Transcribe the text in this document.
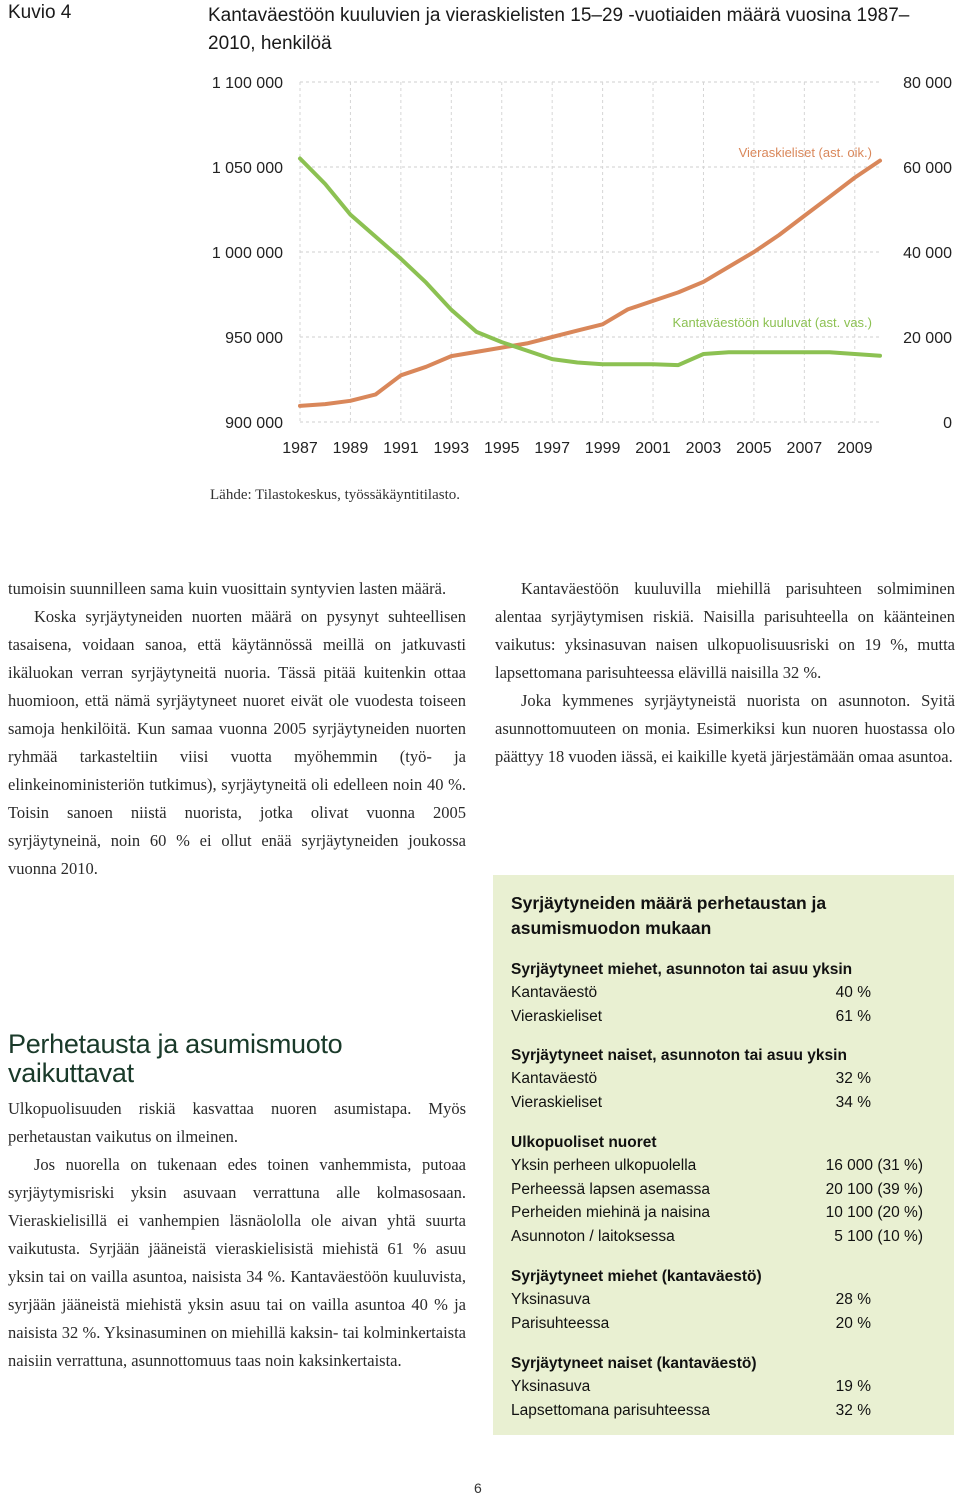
Kuvio 4	Kantaväestöön kuuluvien ja vieraskielisten 15–29 -vuotiaiden määrä vuosina 1987–2010, henkilöä
1 100 000
1 050 000
1 000 000
950 000
900 000
80 000
60 000
40 000
20 000
0
1987 1989 1991 1993 1995 1997 1999 2001 2003 2005 2007 2009
Vieraskieliset (ast. oik.)
Kantaväestöön kuuluvat (ast. vas.)
Lähde: Tilastokeskus, työssäkäyntitilasto.

tumoisin suunnilleen sama kuin vuosittain syntyvien lasten määrä.

Koska syrjäytyneiden nuorten määrä on pysynyt suhteellisen tasaisena, voidaan sanoa, että käytännössä meillä on jatkuvasti ikäluokan verran syrjäytyneitä nuoria. Tässä pitää kuitenkin ottaa huomioon, että nämä syrjäytyneet nuoret eivät ole vuodesta toiseen samoja henkilöitä. Kun samaa vuonna 2005 syrjäytyneiden nuorten ryhmää tarkasteltiin viisi vuotta myöhemmin (työ- ja elinkeinoministeriön tutkimus), syrjäytyneitä oli edelleen noin 40 %. Toisin sanoen niistä nuorista, jotka olivat vuonna 2005 syrjäytyneinä, noin 60 % ei ollut enää syrjäytyneiden joukossa vuonna 2010.

Perhetausta ja asumismuoto vaikuttavat

Ulkopuolisuuden riskiä kasvattaa nuoren asumistapa. Myös perhetaustan vaikutus on ilmeinen.

Jos nuorella on tukenaan edes toinen vanhemmista, putoaa syrjäytymisriski yksin asuvaan verrattuna alle kolmasosaan. Vieraskielisillä ei vanhempien läsnäololla ole aivan yhtä suurta vaikutusta. Syrjään jääneistä vieraskielisistä miehistä 61 % asuu yksin tai on vailla asuntoa, naisista 34 %. Kantaväestöön kuuluvista, syrjään jääneistä miehistä yksin asuu tai on vailla asuntoa 40 % ja naisista 32 %. Yksinasuminen on miehillä kaksin- tai kolminkertaista naisiin verrattuna, asunnottomuus taas noin kaksinkertaista.

Kantaväestöön kuuluvilla miehillä parisuhteen solmiminen alentaa syrjäytymisen riskiä. Naisilla parisuhteella on käänteinen vaikutus: yksinasuvan naisen ulkopuolisuusriski on 19 %, mutta lapsettomana parisuhteessa elävillä naisilla 32 %.

Joka kymmenes syrjäytyneistä nuorista on asunnoton. Syitä asunnottomuuteen on monia. Esimerkiksi kun nuoren huostassa olo päättyy 18 vuoden iässä, ei kaikille kyetä järjestämään omaa asuntoa.

Syrjäytyneiden määrä perhetaustan ja asumismuodon mukaan
Syrjäytyneet miehet, asunnoton tai asuu yksin
Kantaväestö	40 %
Vieraskieliset	61 %
Syrjäytyneet naiset, asunnoton tai asuu yksin
Kantaväestö	32 %
Vieraskieliset	34 %
Ulkopuoliset nuoret
Yksin perheen ulkopuolella	16 000 (31 %)
Perheessä lapsen asemassa	20 100 (39 %)
Perheiden miehinä ja naisina	10 100 (20 %)
Asunnoton / laitoksessa	5 100 (10 %)
Syrjäytyneet miehet (kantaväestö)
Yksinasuva	28 %
Parisuhteessa	20 %
Syrjäytyneet naiset (kantaväestö)
Yksinasuva	19 %
Lapsettomana parisuhteessa	32 %
6
